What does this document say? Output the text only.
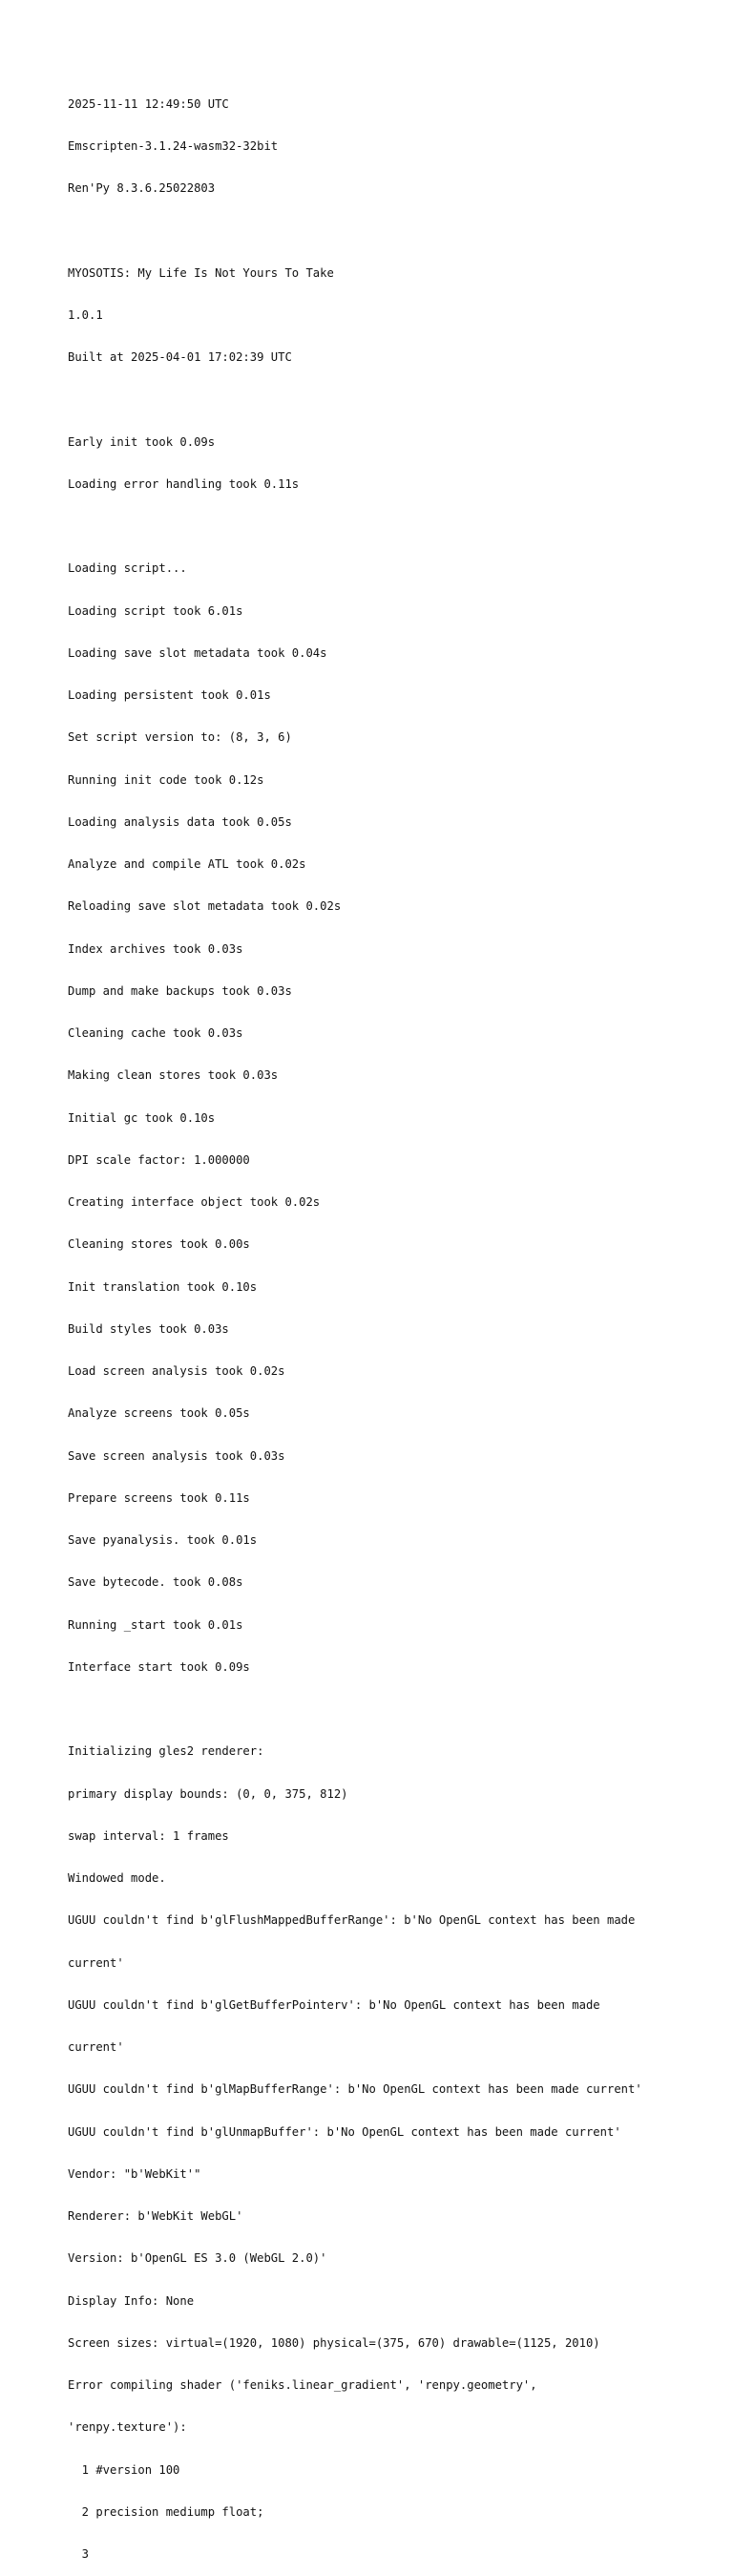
2025-11-11 12:49:50 UTC

Emscripten-3.1.24-wasm32-32bit

Ren'Py 8.3.6.25022803

MYOSOTIS: My Life Is Not Yours To Take

1.0.1

Built at 2025-04-01 17:02:39 UTC

Early init took 0.09s

Loading error handling took 0.11s

Loading script...

Loading script took 6.01s

Loading save slot metadata took 0.04s

Loading persistent took 0.01s

Set script version to: (8, 3, 6)

Running init code took 0.12s

Loading analysis data took 0.05s

Analyze and compile ATL took 0.02s

Reloading save slot metadata took 0.02s

Index archives took 0.03s

Dump and make backups took 0.03s

Cleaning cache took 0.03s

Making clean stores took 0.03s

Initial gc took 0.10s

DPI scale factor: 1.000000

Creating interface object took 0.02s

Cleaning stores took 0.00s

Init translation took 0.10s

Build styles took 0.03s

Load screen analysis took 0.02s

Analyze screens took 0.05s

Save screen analysis took 0.03s

Prepare screens took 0.11s

Save pyanalysis. took 0.01s

Save bytecode. took 0.08s

Running _start took 0.01s

Interface start took 0.09s

Initializing gles2 renderer:

primary display bounds: (0, 0, 375, 812)

swap interval: 1 frames

Windowed mode.

UGUU couldn't find b'glFlushMappedBufferRange': b'No OpenGL context has been made

current'

UGUU couldn't find b'glGetBufferPointerv': b'No OpenGL context has been made

current'

UGUU couldn't find b'glMapBufferRange': b'No OpenGL context has been made current'

UGUU couldn't find b'glUnmapBuffer': b'No OpenGL context has been made current'

Vendor: "b'WebKit'"

Renderer: b'WebKit WebGL'

Version: b'OpenGL ES 3.0 (WebGL 2.0)'

Display Info: None

Screen sizes: virtual=(1920, 1080) physical=(375, 670) drawable=(1125, 2010)

Error compiling shader ('feniks.linear_gradient', 'renpy.geometry',

'renpy.texture'):

1 #version 100

2 precision mediump float;

3
